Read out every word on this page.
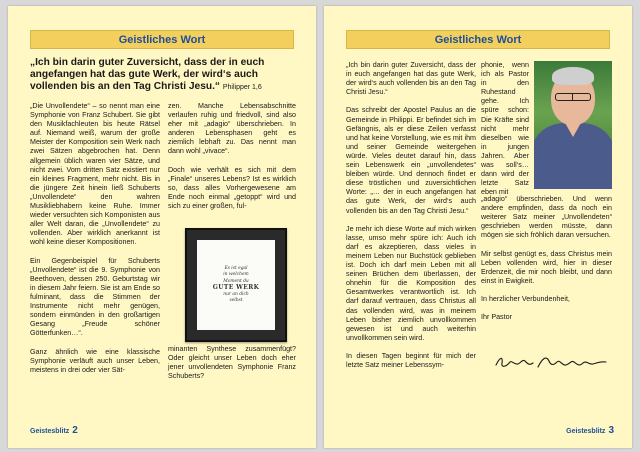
Geistliches Wort
„Ich bin darin guter Zuversicht, dass der in euch angefangen hat das gute Werk, der wird‘s auch vollenden bis an den Tag Christi Jesu.“ Philipper 1,6

„Die Unvollendete“ – so nennt man eine Symphonie von Franz Schubert. Sie gibt den Musikfachleuten bis heute Rätsel auf. Niemand weiß, warum der große Meister der Komposition sein Werk nach zwei Sätzen abgebrochen hat. Denn allgemein üblich waren vier Sätze, und nicht zwei. Vom dritten Satz existiert nur ein kleines Fragment, mehr nicht. Bis in die jüngere Zeit hinein ließ Schuberts „Unvollendete“ den wahren Musikliebhabern keine Ruhe. Immer wieder versuchten sich Komponisten aus aller Welt daran, die „Unvollendete“ zu vollenden. Aber wirklich anerkannt ist wohl keine dieser Kompositionen.

Ein Gegenbeispiel für Schuberts „Unvollendete“ ist die 9. Symphonie von Beethoven, dessen 250. Geburtstag wir in diesem Jahr feiern. Sie ist am Ende so fulminant, dass die Stimmen der Instrumente nicht mehr genügen, sondern einmünden in den großartigen Gesang „Freude schöner Götterfunken…“.

Ganz ähnlich wie eine klassische Symphonie verläuft auch unser Leben, meistens in drei oder vier Sät-

zen. Manche Lebensabschnitte verlaufen ruhig und friedvoll, sind also eher mit „adagio“ überschrieben. In anderen Lebensphasen geht es ziemlich lebhaft zu. Das nennt man dann wohl „vivace“.

Doch wie verhält es sich mit dem „Finale“ unseres Lebens? Ist es wirklich so, dass alles Vorhergewesene am Ende noch einmal „getoppt“ wird und sich zu einer großen, ful-

Es ist egal
in welchem
Moment du
GUTE WERK
nur an dich
selbst

minanten Synthese zusammenfügt? Oder gleicht unser Leben doch eher jener unvollendeten Symphonie Franz Schuberts?

Geistesblitz 2
Geistliches Wort

„Ich bin darin guter Zuversicht, dass der in euch angefangen hat das gute Werk, der wird‘s auch vollenden bis an den Tag Christi Jesu.“

Das schreibt der Apostel Paulus an die Gemeinde in Philippi. Er befindet sich im Gefängnis, als er diese Zeilen verfasst und hat keine Vorstellung, wie es mit ihm und seiner Gemeinde weitergehen würde. Vieles deutet darauf hin, dass sein Lebenswerk ein „unvollendetes“ bleiben würde. Und dennoch findet er diese tröstlichen und zuversichtlichen Worte: „… der in euch angefangen hat das gute Werk, der wird‘s auch vollenden bis an den Tag Christi Jesu.“

Je mehr ich diese Worte auf mich wirken lasse, umso mehr spüre ich: Auch ich darf es akzeptieren, dass vieles in meinem Leben nur Buchstück geblieben ist. Doch ich darf mein Leben mit all seinen Brüchen dem überlassen, der ohnehin für die Komposition des Gesamtwerkes verantwortlich ist. Ich darf darauf vertrauen, dass Christus all das vollenden wird, was in meinem Leben bisher ziemlich unvollkommen gewesen ist und auch weiterhin unvollkommen sein wird.

In diesen Tagen beginnt für mich der letzte Satz meiner Lebenssym-

phonie, wenn ich als Pastor in den Ruhestand gehe. Ich spüre schon: Die Kräfte sind nicht mehr dieselben wie in jungen Jahren. Aber was soll‘s… dann wird der letzte Satz eben mit

„adagio“ überschrieben. Und wenn andere empfinden, dass da noch ein weiterer Satz meiner „Unvollendeten“ geschrieben werden müsste, dann mögen sie sich fröhlich daran versuchen.

Mir selbst genügt es, dass Christus mein Leben vollenden wird, hier in dieser Erdenzeit, die mir noch bleibt, und dann einst in Ewigkeit.

In herzlicher Verbundenheit,

Ihr Pastor

Geistesblitz 3
